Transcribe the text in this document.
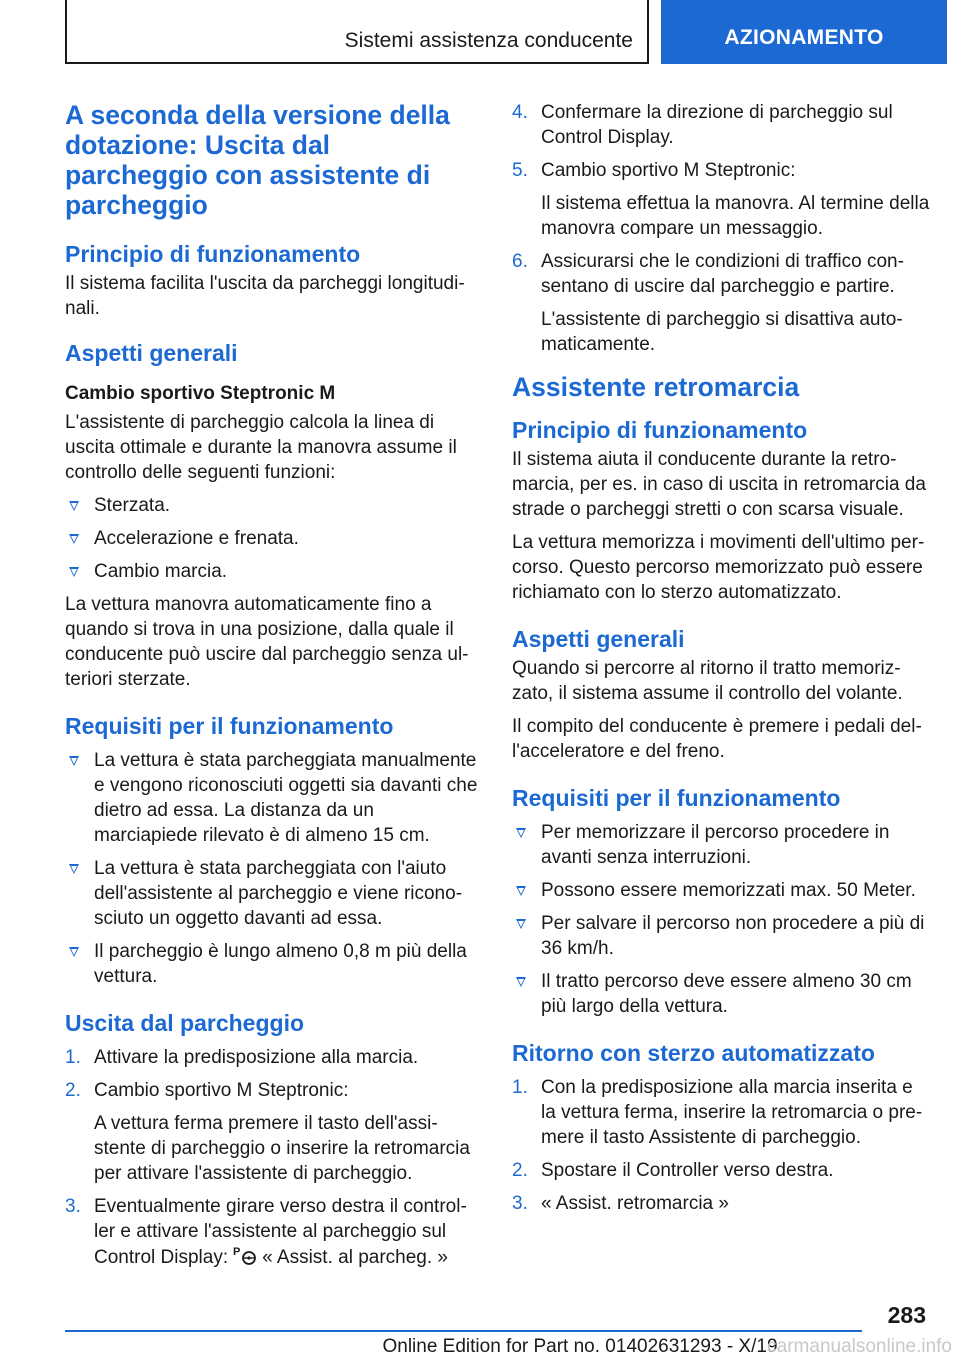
Sistemi assistenza conducente	AZIONAMENTO
A seconda della versione della dotazione: Uscita dal parcheggio con assistente di parcheggio
Principio di funzionamento

Il sistema facilita l'uscita da parcheggi longitudinali.

Aspetti generali

Cambio sportivo Steptronic M

L'assistente di parcheggio calcola la linea di uscita ottimale e durante la manovra assume il controllo delle seguenti funzioni:

Sterzata.
Accelerazione e frenata.
Cambio marcia.

La vettura manovra automaticamente fino a quando si trova in una posizione, dalla quale il conducente può uscire dal parcheggio senza ulteriori sterzate.

Requisiti per il funzionamento
La vettura è stata parcheggiata manualmente e vengono riconosciuti oggetti sia davanti che dietro ad essa. La distanza da un marciapiede rilevato è di almeno 15 cm.
La vettura è stata parcheggiata con l'aiuto dell'assistente al parcheggio e viene riconosciuto un oggetto davanti ad essa.
Il parcheggio è lungo almeno 0,8 m più della vettura.
Uscita dal parcheggio
1. Attivare la predisposizione alla marcia.
2. Cambio sportivo M Steptronic:
A vettura ferma premere il tasto dell'assistente di parcheggio o inserire la retromarcia per attivare l'assistente di parcheggio.
3. Eventualmente girare verso destra il controller e attivare l'assistente al parcheggio sul Control Display: P « Assist. al parcheg. »
4. Confermare la direzione di parcheggio sul Control Display.
5. Cambio sportivo M Steptronic:
Il sistema effettua la manovra. Al termine della manovra compare un messaggio.
6. Assicurarsi che le condizioni di traffico consentano di uscire dal parcheggio e partire.
L'assistente di parcheggio si disattiva automaticamente.
Assistente retromarcia
Principio di funzionamento

Il sistema aiuta il conducente durante la retromarcia, per es. in caso di uscita in retromarcia da strade o parcheggi stretti o con scarsa visuale.

La vettura memorizza i movimenti dell'ultimo percorso. Questo percorso memorizzato può essere richiamato con lo sterzo automatizzato.

Aspetti generali

Quando si percorre al ritorno il tratto memorizzato, il sistema assume il controllo del volante.

Il compito del conducente è premere i pedali dell'acceleratore e del freno.

Requisiti per il funzionamento
Per memorizzare il percorso procedere in avanti senza interruzioni.
Possono essere memorizzati max. 50 Meter.
Per salvare il percorso non procedere a più di 36 km/h.
Il tratto percorso deve essere almeno 30 cm più largo della vettura.
Ritorno con sterzo automatizzato
1. Con la predisposizione alla marcia inserita e la vettura ferma, inserire la retromarcia o premere il tasto Assistente di parcheggio.
2. Spostare il Controller verso destra.
3. « Assist. retromarcia »
283
Online Edition for Part no. 01402631293 - X/19
carmanualsonline.info
